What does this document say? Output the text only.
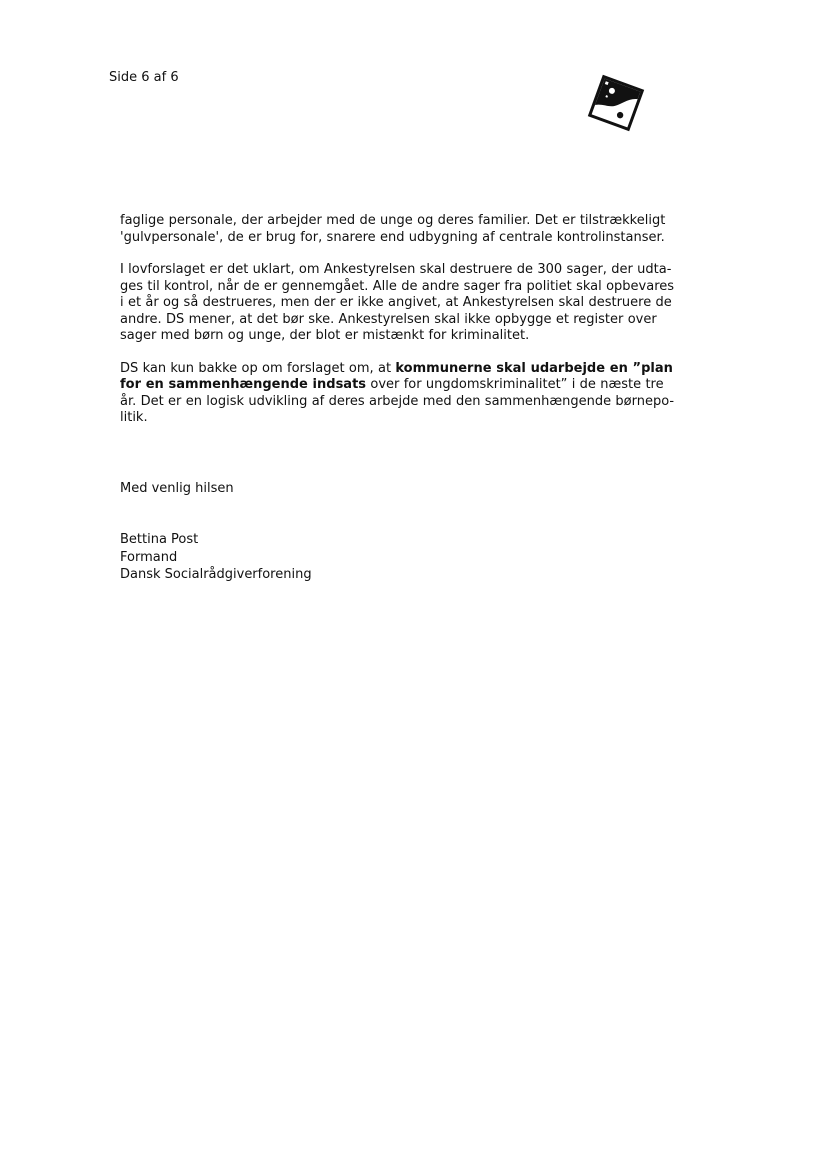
Side 6 af 6

faglige personale, der arbejder med de unge og deres familier. Det er tilstrækkeligt
'gulvpersonale', de er brug for, snarere end udbygning af centrale kontrolinstanser.

I lovforslaget er det uklart, om Ankestyrelsen skal destruere de 300 sager, der udta-
ges til kontrol, når de er gennemgået. Alle de andre sager fra politiet skal opbevares
i et år og så destrueres, men der er ikke angivet, at Ankestyrelsen skal destruere de
andre. DS mener, at det bør ske. Ankestyrelsen skal ikke opbygge et register over
sager med børn og unge, der blot er mistænkt for kriminalitet.

DS kan kun bakke op om forslaget om, at kommunerne skal udarbejde en ”plan
for en sammenhængende indsats over for ungdomskriminalitet” i de næste tre
år. Det er en logisk udvikling af deres arbejde med den sammenhængende børnepo-
litik.

Med venlig hilsen
Bettina Post
Formand
Dansk Socialrådgiverforening
